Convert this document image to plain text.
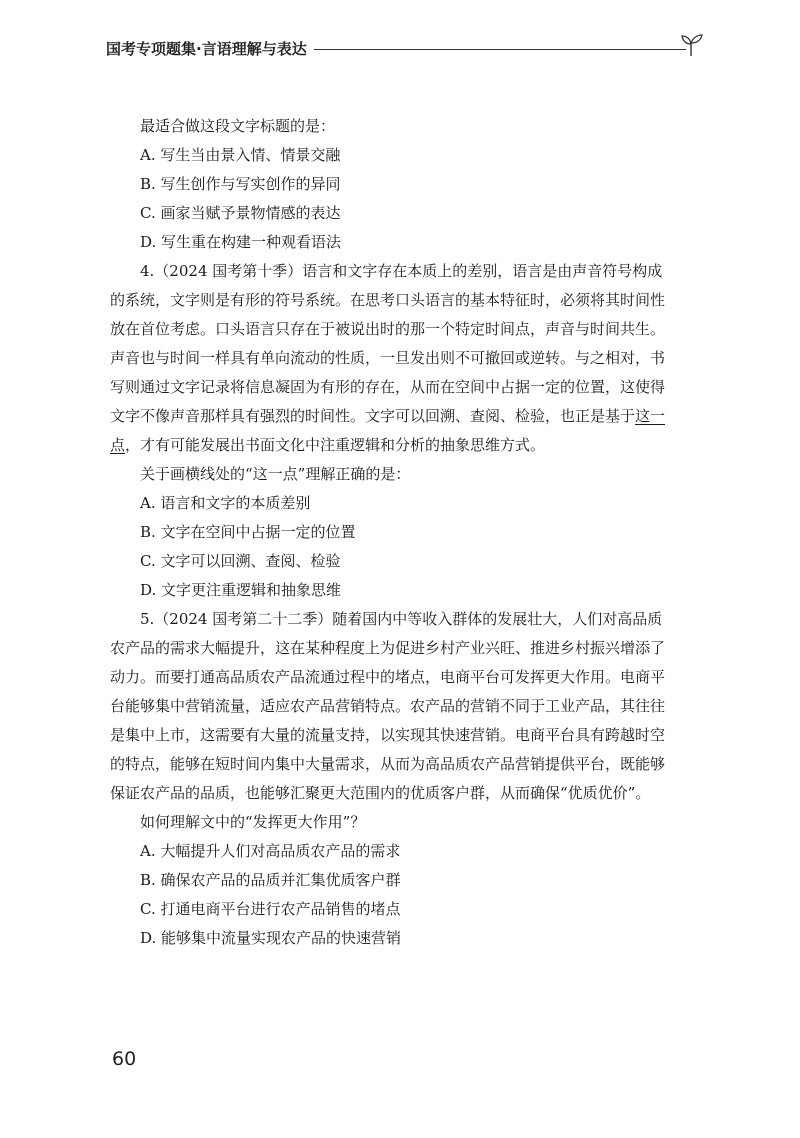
国考专项题集·言语理解与表达
最适合做这段文字标题的是：
A. 写生当由景入情、情景交融
B. 写生创作与写实创作的异同
C. 画家当赋予景物情感的表达
D. 写生重在构建一种观看语法
4.（2024 国考第十季）语言和文字存在本质上的差别，语言是由声音符号构成
的系统，文字则是有形的符号系统。在思考口头语言的基本特征时，必须将其时间性
放在首位考虑。口头语言只存在于被说出时的那一个特定时间点，声音与时间共生。
声音也与时间一样具有单向流动的性质，一旦发出则不可撤回或逆转。与之相对，书
写则通过文字记录将信息凝固为有形的存在，从而在空间中占据一定的位置，这使得
文字不像声音那样具有强烈的时间性。文字可以回溯、查阅、检验，也正是基于这一
点，才有可能发展出书面文化中注重逻辑和分析的抽象思维方式。
关于画横线处的“这一点”理解正确的是：
A. 语言和文字的本质差别
B. 文字在空间中占据一定的位置
C. 文字可以回溯、查阅、检验
D. 文字更注重逻辑和抽象思维
5.（2024 国考第二十二季）随着国内中等收入群体的发展壮大，人们对高品质
农产品的需求大幅提升，这在某种程度上为促进乡村产业兴旺、推进乡村振兴增添了
动力。而要打通高品质农产品流通过程中的堵点，电商平台可发挥更大作用。电商平
台能够集中营销流量，适应农产品营销特点。农产品的营销不同于工业产品，其往往
是集中上市，这需要有大量的流量支持，以实现其快速营销。电商平台具有跨越时空
的特点，能够在短时间内集中大量需求，从而为高品质农产品营销提供平台，既能够
保证农产品的品质，也能够汇聚更大范围内的优质客户群，从而确保“优质优价”。
如何理解文中的“发挥更大作用”？
A. 大幅提升人们对高品质农产品的需求
B. 确保农产品的品质并汇集优质客户群
C. 打通电商平台进行农产品销售的堵点
D. 能够集中流量实现农产品的快速营销
60
